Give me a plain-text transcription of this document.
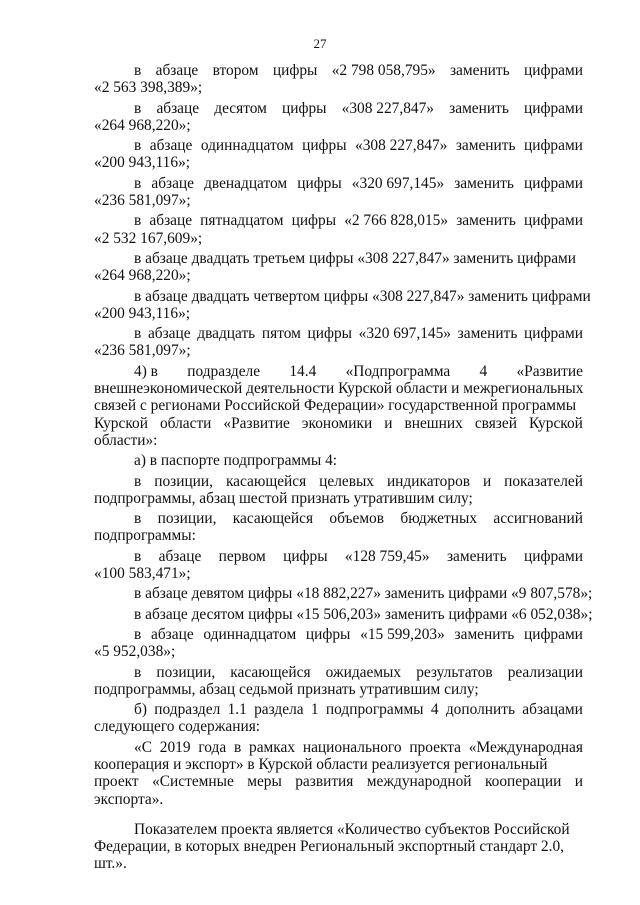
27
в абзаце втором цифры «2 798 058,795» заменить цифрами
«2 563 398,389»;
в абзаце десятом цифры «308 227,847» заменить цифрами
«264 968,220»;
в абзаце одиннадцатом цифры «308 227,847» заменить цифрами
«200 943,116»;
в абзаце двенадцатом цифры «320 697,145» заменить цифрами
«236 581,097»;
в абзаце пятнадцатом цифры «2 766 828,015» заменить цифрами
«2 532 167,609»;
в абзаце двадцать третьем цифры «308 227,847» заменить цифрами
«264 968,220»;
в абзаце двадцать четвертом цифры «308 227,847» заменить цифрами
«200 943,116»;
в абзаце двадцать пятом цифры «320 697,145» заменить цифрами
«236 581,097»;
4) в подразделе 14.4 «Подпрограмма 4 «Развитие
внешнеэкономической деятельности Курской области и межрегиональных
связей с регионами Российской Федерации» государственной программы
Курской области «Развитие экономики и внешних связей Курской
области»:
а) в паспорте подпрограммы 4:
в позиции, касающейся целевых индикаторов и показателей
подпрограммы, абзац шестой признать утратившим силу;
в позиции, касающейся объемов бюджетных ассигнований
подпрограммы:
в абзаце первом цифры «128 759,45» заменить цифрами
«100 583,471»;
в абзаце девятом цифры «18 882,227» заменить цифрами «9 807,578»;
в абзаце десятом цифры «15 506,203» заменить цифрами «6 052,038»;
в абзаце одиннадцатом цифры «15 599,203» заменить цифрами
«5 952,038»;
в позиции, касающейся ожидаемых результатов реализации
подпрограммы, абзац седьмой признать утратившим силу;
б) подраздел 1.1 раздела 1 подпрограммы 4 дополнить абзацами
следующего содержания:
«С 2019 года в рамках национального проекта «Международная
кооперация и экспорт» в Курской области реализуется региональный
проект «Системные меры развития международной кооперации и
экспорта».
Показателем проекта является «Количество субъектов Российской
Федерации, в которых внедрен Региональный экспортный стандарт 2.0,
шт.».
